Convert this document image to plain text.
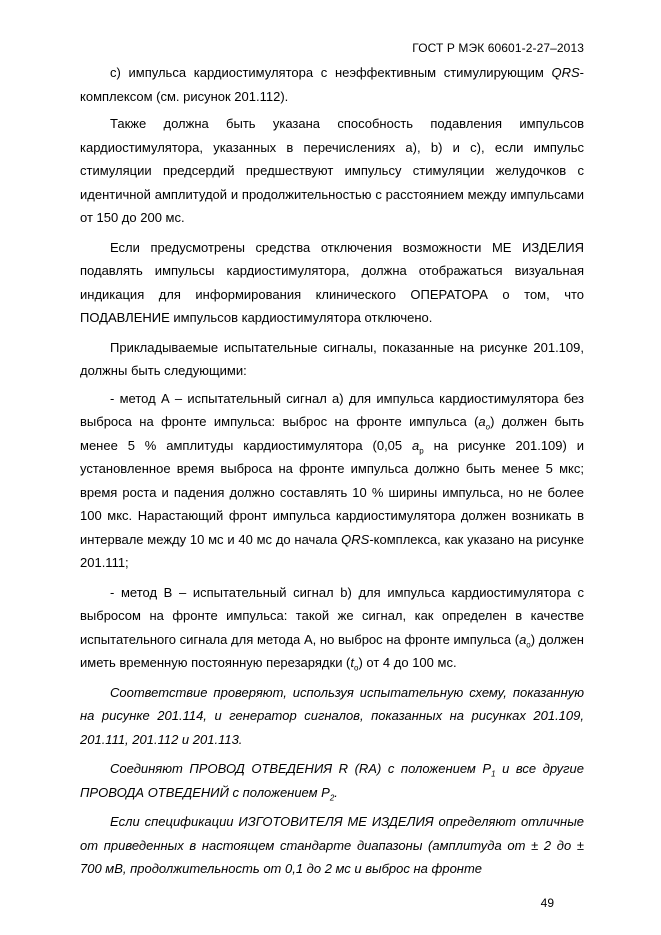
ГОСТ Р МЭК 60601-2-27–2013

c) импульса кардиостимулятора с неэффективным стимулирующим QRS-комплексом (см. рисунок 201.112).

Также должна быть указана способность подавления импульсов кардиостимулятора, указанных в перечислениях а), b) и с), если импульс стимуляции предсердий предшествуют импульсу стимуляции желудочков с идентичной амплитудой и продолжительностью с расстоянием между импульсами от 150 до 200 мс.

Если предусмотрены средства отключения возможности МЕ ИЗДЕЛИЯ подавлять импульсы кардиостимулятора, должна отображаться визуальная индикация для информирования клинического ОПЕРАТОРА о том, что ПОДАВЛЕНИЕ импульсов кардиостимулятора отключено.

Прикладываемые испытательные сигналы, показанные на рисунке 201.109, должны быть следующими:

- метод А – испытательный сигнал а) для импульса кардиостимулятора без выброса на фронте импульса: выброс на фронте импульса $(a_o)$ должен быть менее 5 % амплитуды кардиостимулятора (0,05 $a_p$ на рисунке 201.109) и установленное время выброса на фронте импульса должно быть менее 5 мкс; время роста и падения должно составлять 10 % ширины импульса, но не более 100 мкс. Нарастающий фронт импульса кардиостимулятора должен возникать в интервале между 10 мс и 40 мс до начала QRS-комплекса, как указано на рисунке 201.111;

- метод В – испытательный сигнал b) для импульса кардиостимулятора с выбросом на фронте импульса: такой же сигнал, как определен в качестве испытательного сигнала для метода А, но выброс на фронте импульса $(a_o)$ должен иметь временную постоянную перезарядки $(t_o)$ от 4 до 100 мс.

Соответствие проверяют, используя испытательную схему, показанную на рисунке 201.114, и генератор сигналов, показанных на рисунках 201.109, 201.111, 201.112 и 201.113.

Соединяют ПРОВОД ОТВЕДЕНИЯ R (RA) с положением $P_1$ и все другие ПРОВОДА ОТВЕДЕНИЙ с положением $P_2$.

Если спецификации ИЗГОТОВИТЕЛЯ МЕ ИЗДЕЛИЯ определяют отличные от приведенных в настоящем стандарте диапазоны (амплитуда от ± 2 до ± 700 мВ, продолжительность от 0,1 до 2 мс и выброс на фронте

49
